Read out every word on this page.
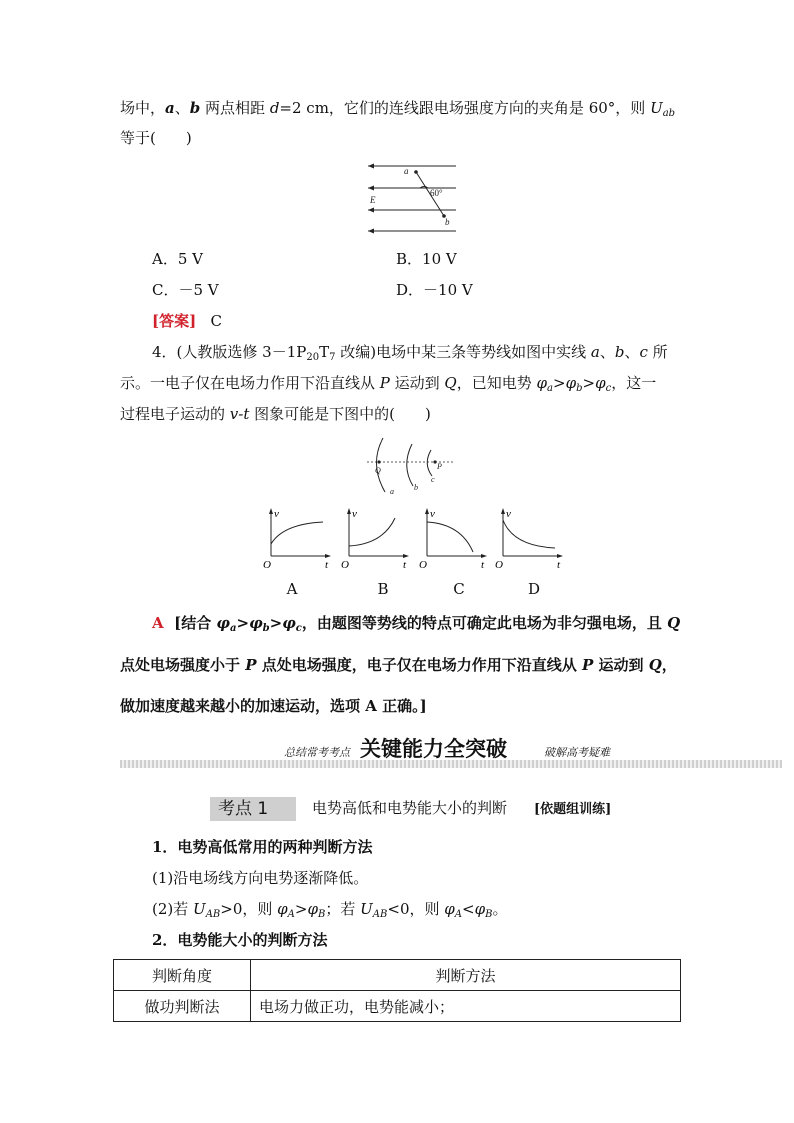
场中，a、b 两点相距 d=2 cm，它们的连线跟电场强度方向的夹角是 60°，则 $U_{ab}$
等于(　　)
a
b
E
60°
A．5 V	B．10 V
C．－5 V	D．－10 V
[答案] C
4．(人教版选修 $3-1P_{20}T_7$ 改编)电场中某三条等势线如图中实线 a、b、c 所
示。一电子仅在电场力作用下沿直线从 P 运动到 Q，已知电势 $\varphi_a>\varphi_b>\varphi_c$，这一
过程电子运动的 v-t 图象可能是下图中的(　　)
Q	P
a	b
c
v
t
O
v
t
O
v
t
O
v
t
O
A	B	C	D
A [结合 $\varphi_a>\varphi_b>\varphi_c$，由题图等势线的特点可确定此电场为非匀强电场，且 Q
点处电场强度小于 P 点处电场强度，电子仅在电场力作用下沿直线从 P 运动到 Q，
做加速度越来越小的加速运动，选项 A 正确。]
总结常考考点 关键能力全突破	破解高考疑难
考点 1	电势高低和电势能大小的判断 [依题组训练]
1．电势高低常用的两种判断方法
(1)沿电场线方向电势逐渐降低。
(2)若 $U_{AB}>0$，则 $\varphi_A>\varphi_B$；若 $U_{AB}<0$，则 $\varphi_A<\varphi_B$。
2．电势能大小的判断方法
判断角度	判断方法
做功判断法	电场力做正功，电势能减小；
